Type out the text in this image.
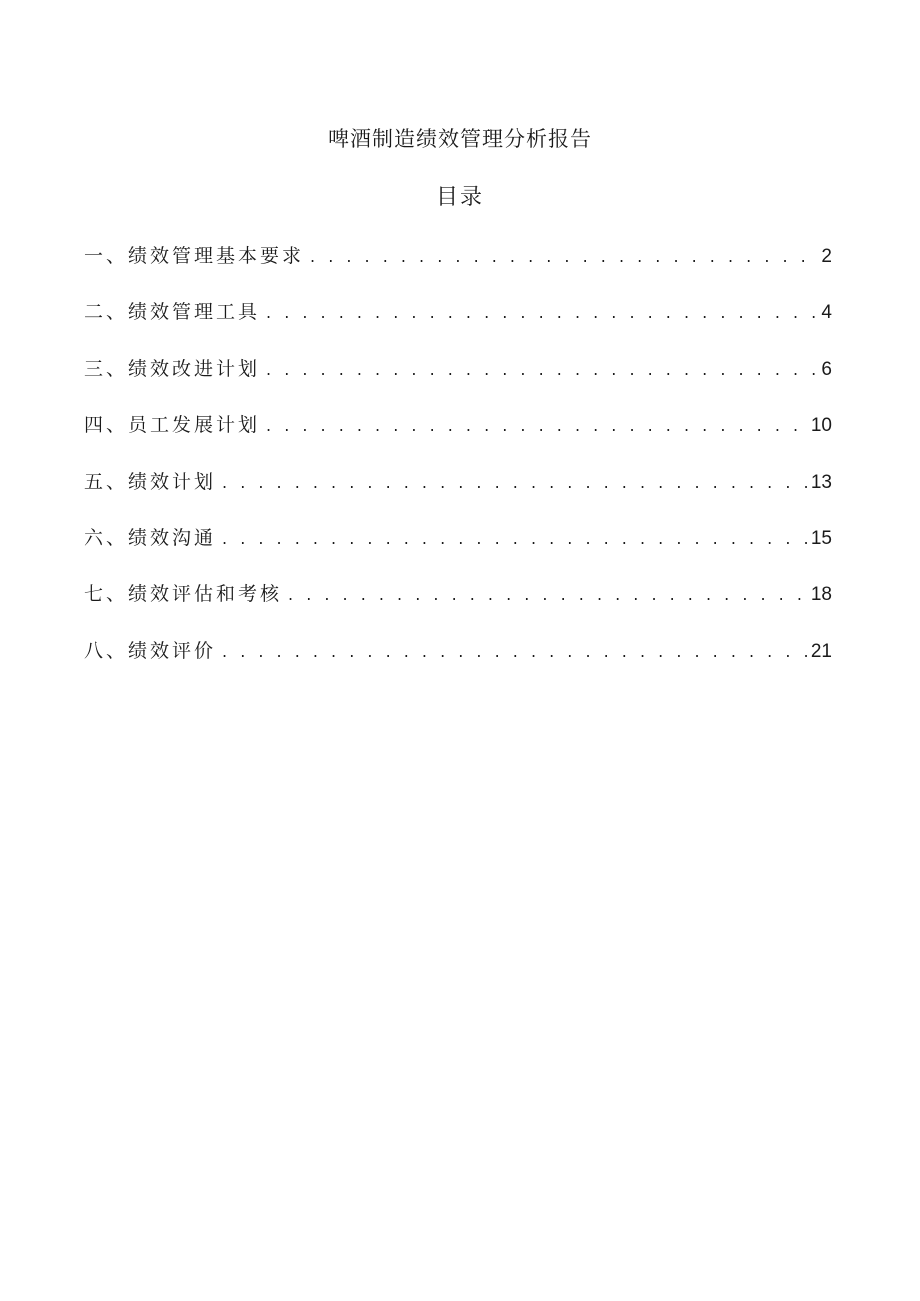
啤酒制造绩效管理分析报告
目录
一、绩效管理基本要求 . . .	2
二、绩效管理工具 . . .	4
三、绩效改进计划 . . .	6
四、员工发展计划 . . .	10
五、绩效计划 . . .	13
六、绩效沟通 . . .	15
七、绩效评估和考核 . . .	18
八、绩效评价 . . .	21
